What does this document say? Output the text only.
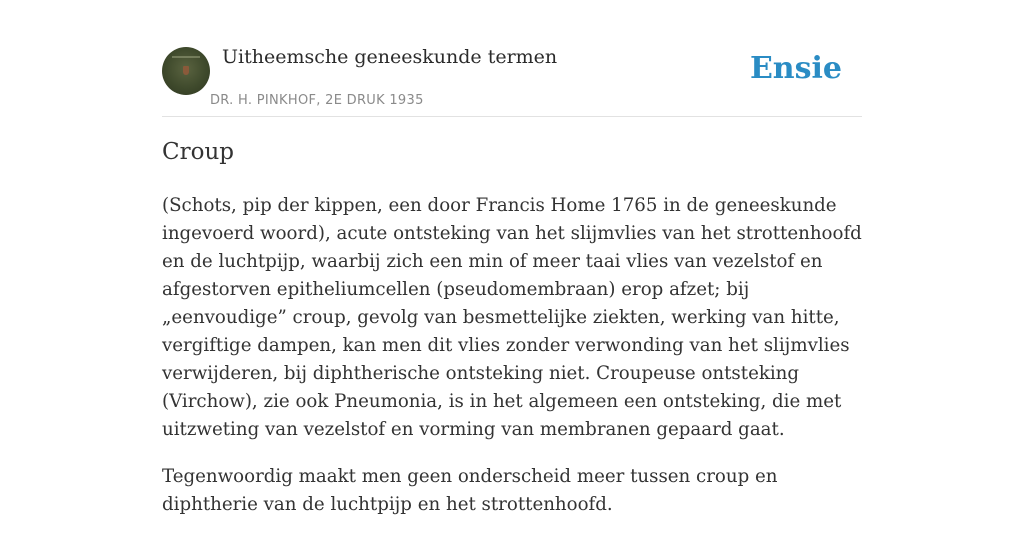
Uitheemsche geneeskunde termen
DR. H. PINKHOF, 2E DRUK 1935
Ensie
Croup

(Schots, pip der kippen, een door Francis Home 1765 in de geneeskunde ingevoerd woord), acute ontsteking van het slijmvlies van het strottenhoofd en de luchtpijp, waarbij zich een min of meer taai vlies van vezelstof en afgestorven epitheliumcellen (pseudomembraan) erop afzet; bij „eenvoudige” croup, gevolg van besmettelijke ziekten, werking van hitte, vergiftige dampen, kan men dit vlies zonder verwonding van het slijmvlies verwijderen, bij diphtherische ontsteking niet. Croupeuse ontsteking (Virchow), zie ook Pneumonia, is in het algemeen een ontsteking, die met uitzweting van vezelstof en vorming van membranen gepaard gaat.

Tegenwoordig maakt men geen onderscheid meer tussen croup en diphtherie van de luchtpijp en het strottenhoofd.
